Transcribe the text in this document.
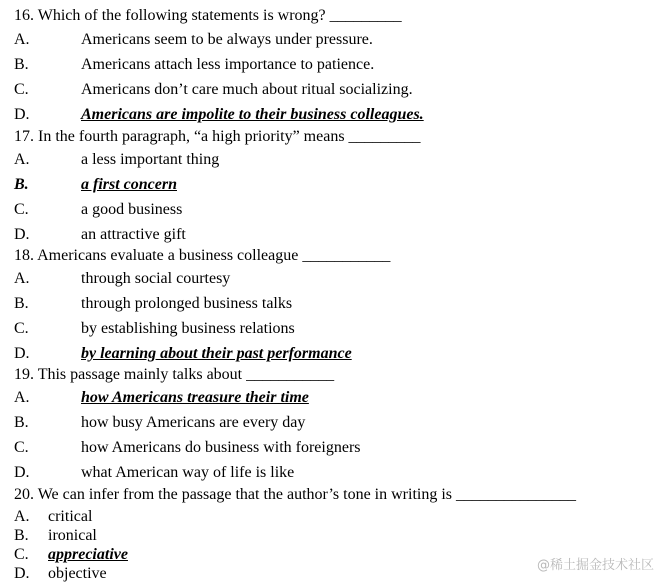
16. Which of the following statements is wrong? _________
A.	Americans seem to be always under pressure.
B.	Americans attach less importance to patience.
C.	Americans don’t care much about ritual socializing.
D.	Americans are impolite to their business colleagues.
17. In the fourth paragraph, “a high priority” means _________
A.	a less important thing
B.	a first concern
C.	a good business
D.	an attractive gift
18. Americans evaluate a business colleague ___________
A.	through social courtesy
B.	through prolonged business talks
C.	by establishing business relations
D.	by learning about their past performance
19. This passage mainly talks about ___________
A.	how Americans treasure their time
B.	how busy Americans are every day
C.	how Americans do business with foreigners
D.	what American way of life is like
20. We can infer from the passage that the author’s tone in writing is _______________
A. critical
B. ironical
C. appreciative
D. objective	@稀土掘金技术社区
